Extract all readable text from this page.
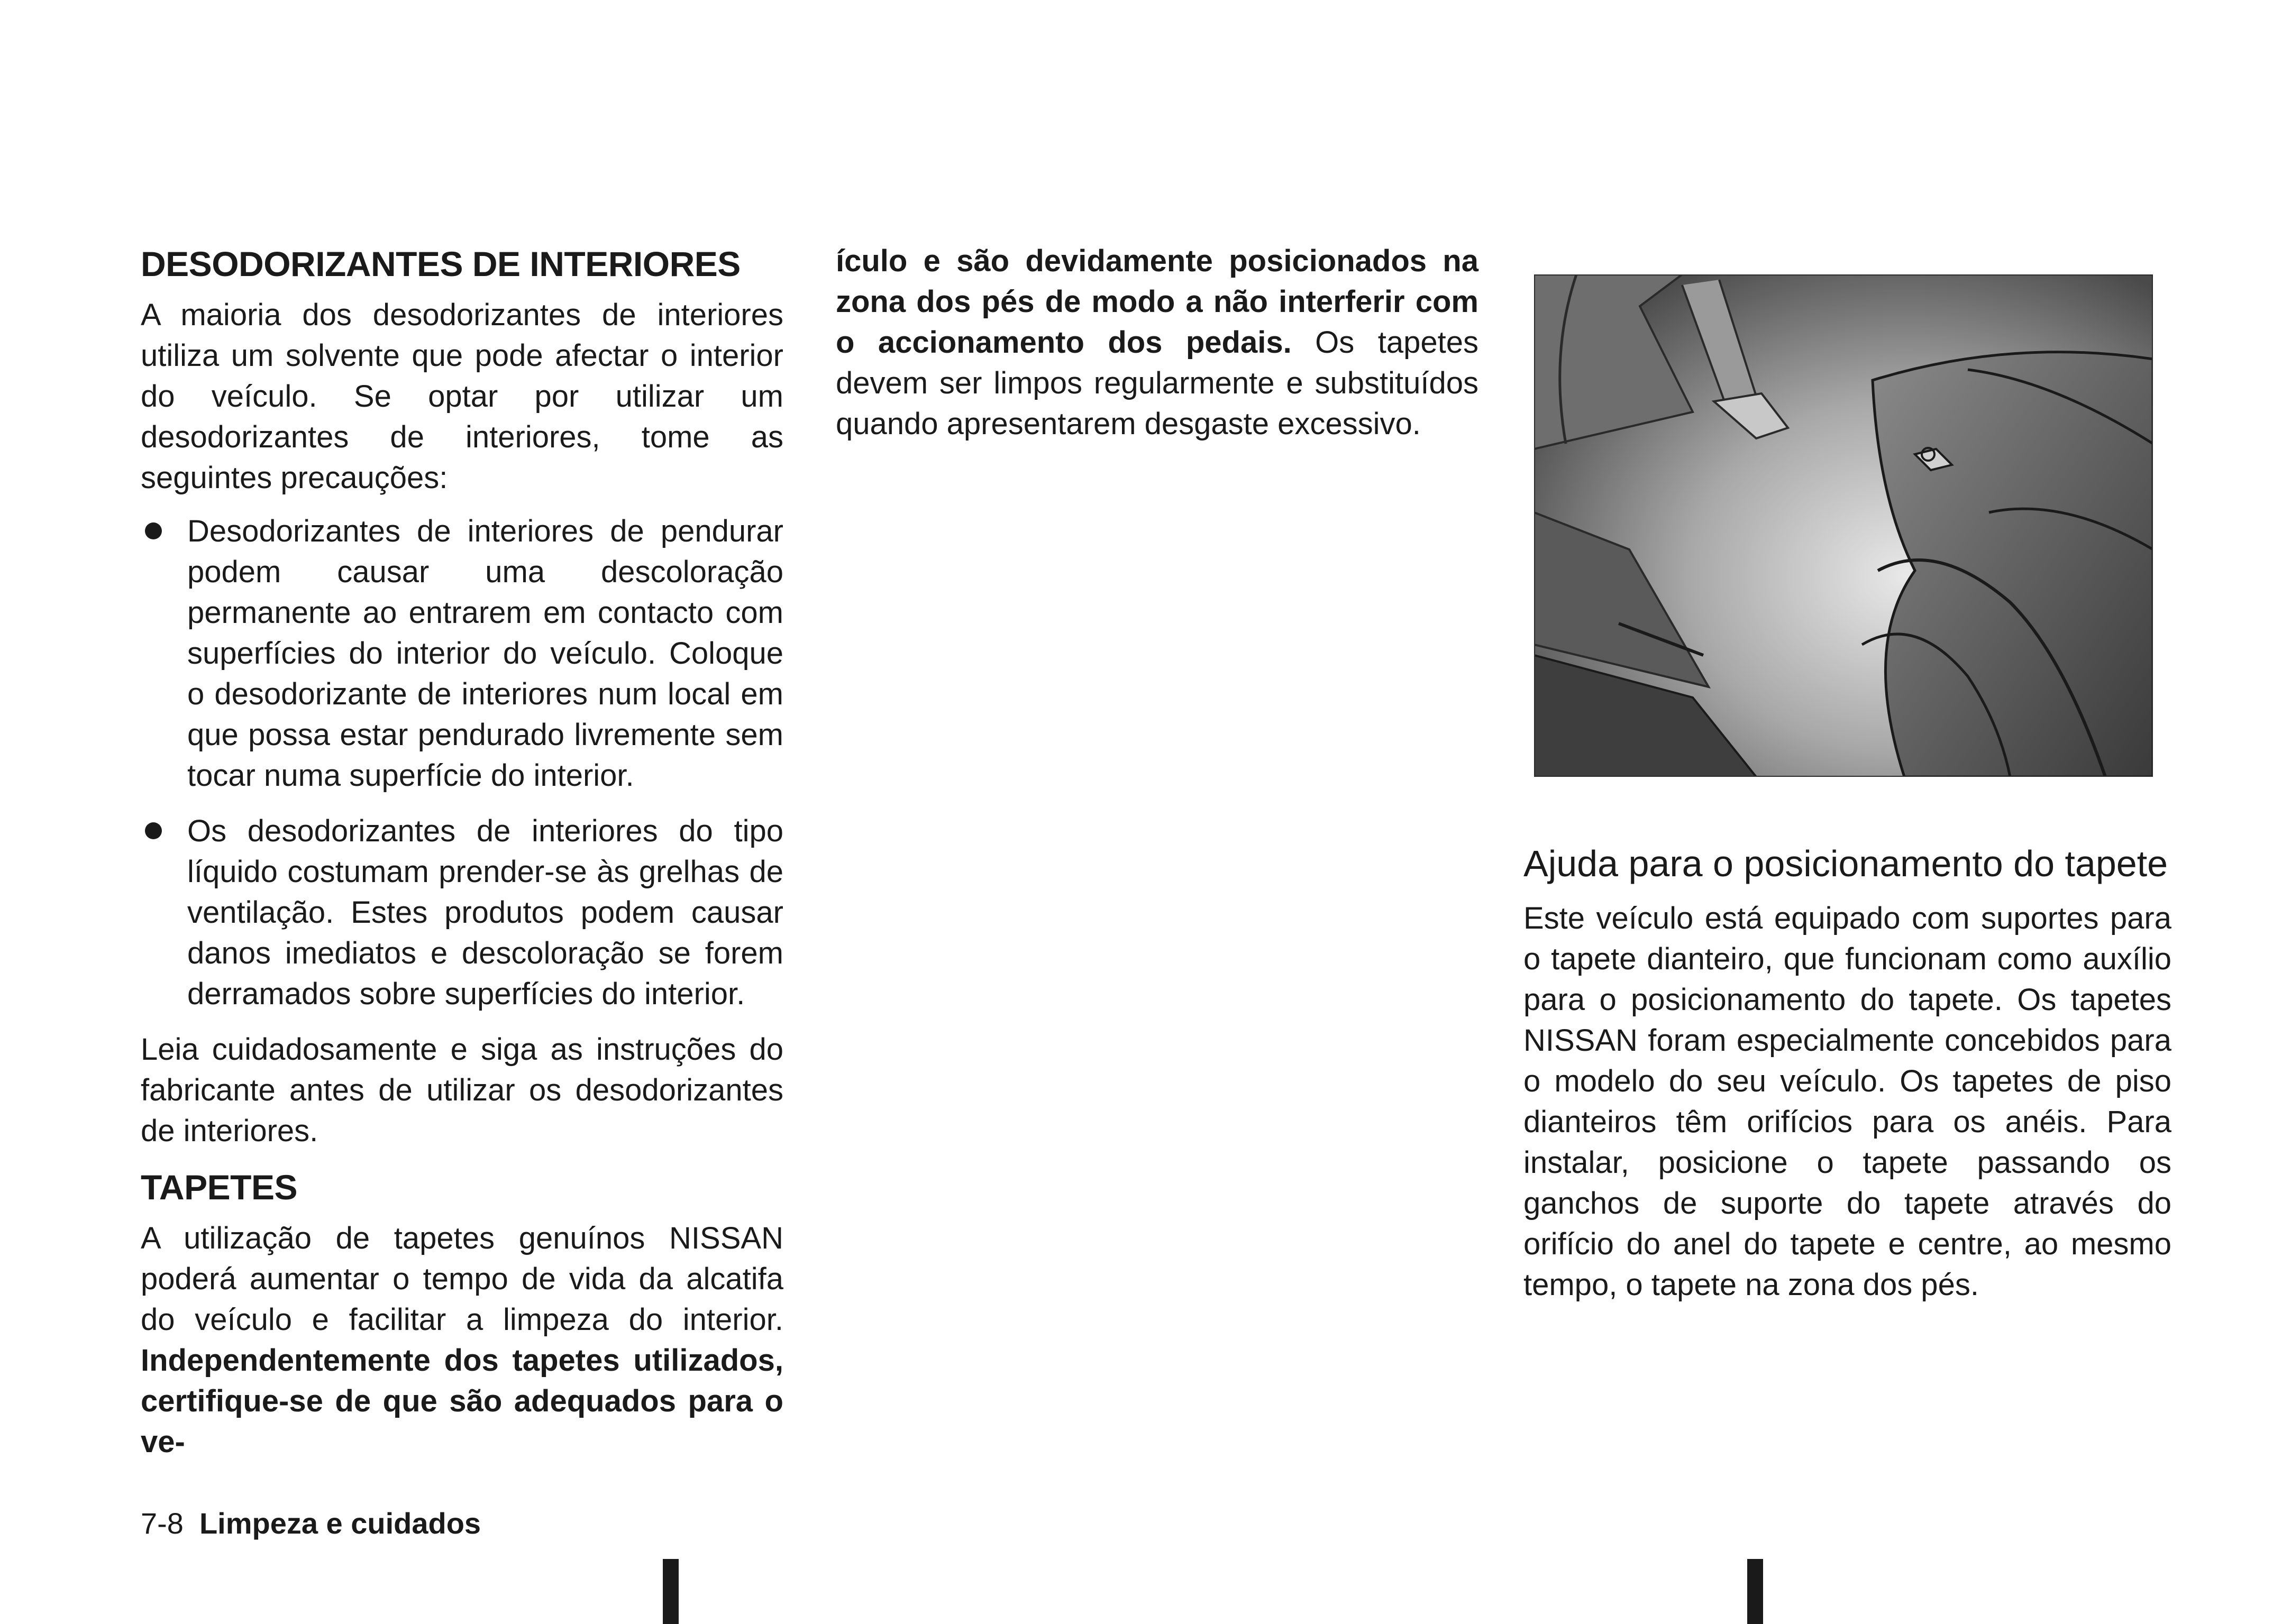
DESODORIZANTES DE INTERIORES

A maioria dos desodorizantes de interiores utiliza um solvente que pode afectar o interior do veículo. Se optar por utilizar um desodorizantes de interiores, tome as seguintes precauções:

Desodorizantes de interiores de pendurar podem causar uma descoloração permanente ao entrarem em contacto com superfícies do interior do veículo. Coloque o desodorizante de interiores num local em que possa estar pendurado livremente sem tocar numa superfície do interior.
Os desodorizantes de interiores do tipo líquido costumam prender-se às grelhas de ventilação. Estes produtos podem causar danos imediatos e descoloração se forem derramados sobre superfícies do interior.

Leia cuidadosamente e siga as instruções do fabricante antes de utilizar os desodorizantes de interiores.

TAPETES

A utilização de tapetes genuínos NISSAN poderá aumentar o tempo de vida da alcatifa do veículo e facilitar a limpeza do interior. Independentemente dos tapetes utilizados, certifique-se de que são adequados para o ve-

ículo e são devidamente posicionados na zona dos pés de modo a não interferir com o accionamento dos pedais. Os tapetes devem ser limpos regularmente e substituídos quando apresentarem desgaste excessivo.

Ajuda para o posicionamento do tapete

Este veículo está equipado com suportes para o tapete dianteiro, que funcionam como auxílio para o posicionamento do tapete. Os tapetes NISSAN foram especialmente concebidos para o modelo do seu veículo. Os tapetes de piso dianteiros têm orifícios para os anéis. Para instalar, posicione o tapete passando os ganchos de suporte do tapete através do orifício do anel do tapete e centre, ao mesmo tempo, o tapete na zona dos pés.

7-8 Limpeza e cuidados
